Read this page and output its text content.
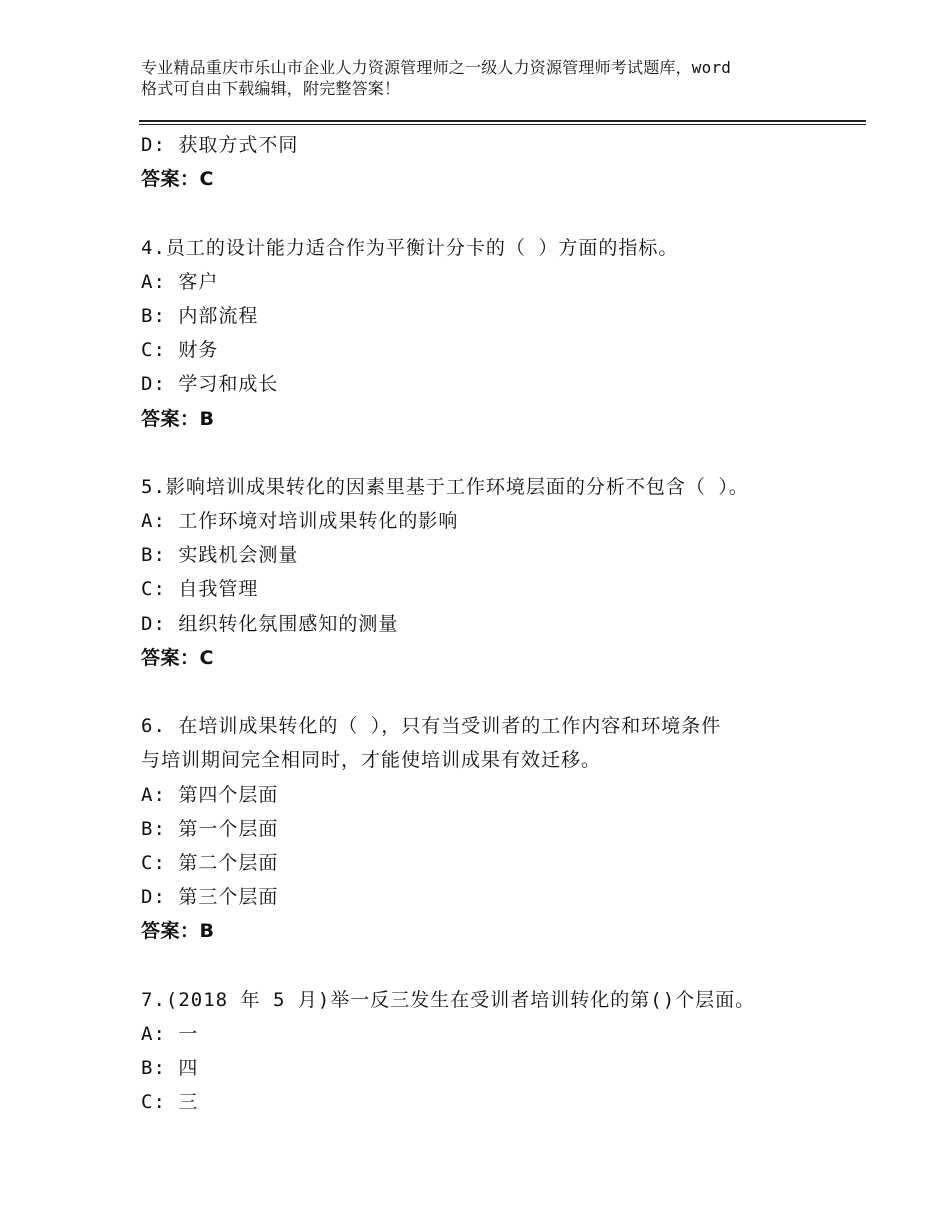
专业精品重庆市乐山市企业人力资源管理师之一级人力资源管理师考试题库，word
格式可自由下载编辑，附完整答案！
D: 获取方式不同
答案：C
4.员工的设计能力适合作为平衡计分卡的（ ）方面的指标。
A: 客户
B: 内部流程
C: 财务
D: 学习和成长
答案：B
5.影响培训成果转化的因素里基于工作环境层面的分析不包含（ ）。
A: 工作环境对培训成果转化的影响
B: 实践机会测量
C: 自我管理
D: 组织转化氛围感知的测量
答案：C
6. 在培训成果转化的（ ），只有当受训者的工作内容和环境条件
与培训期间完全相同时，才能使培训成果有效迁移。
A: 第四个层面
B: 第一个层面
C: 第二个层面
D: 第三个层面
答案：B
7.(2018 年 5 月)举一反三发生在受训者培训转化的第()个层面。
A: 一
B: 四
C: 三
